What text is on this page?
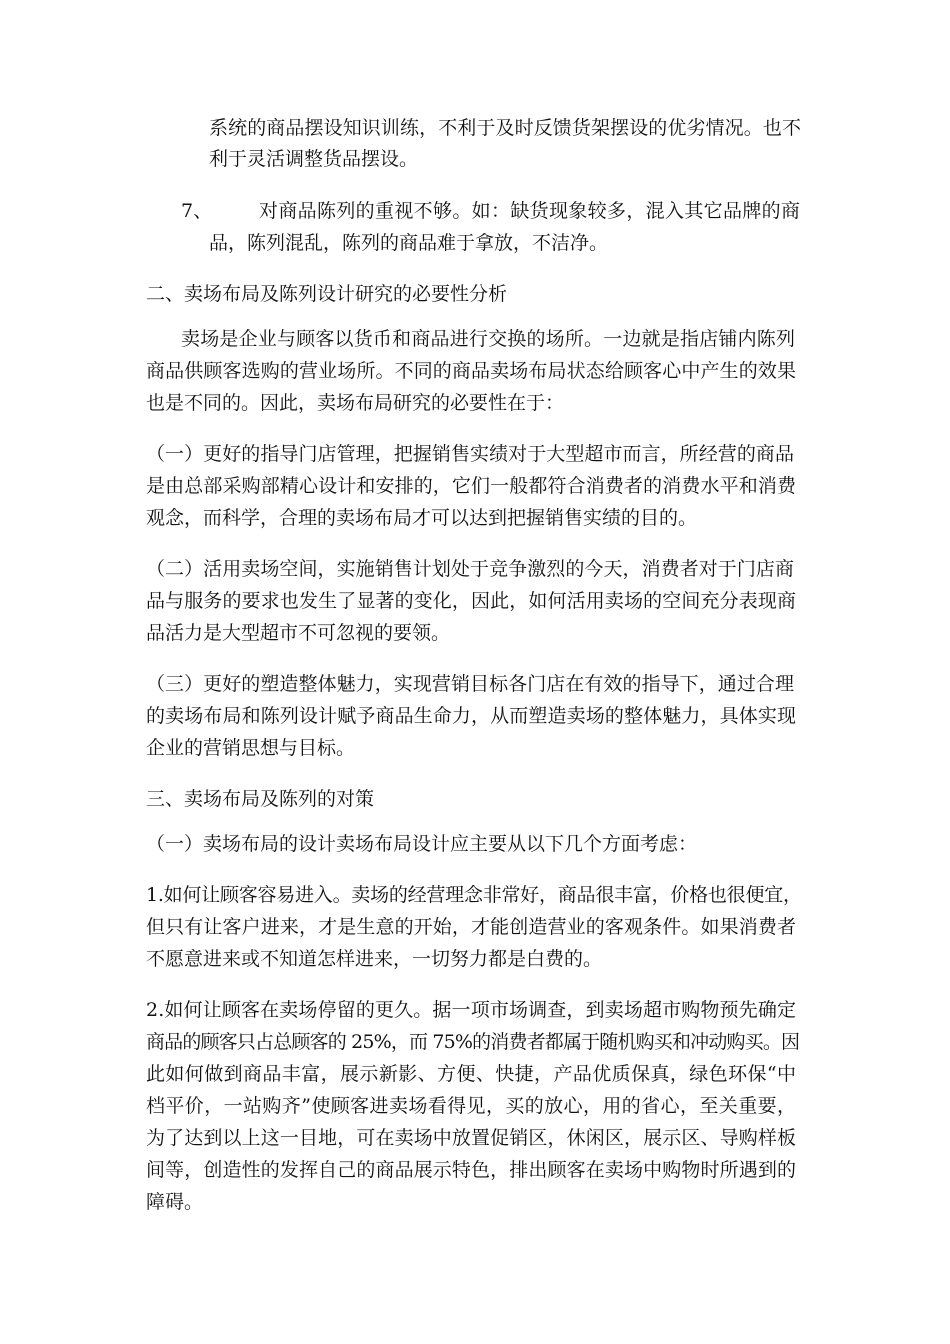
系统的商品摆设知识训练，不利于及时反馈货架摆设的优劣情况。也不

利于灵活调整货品摆设。

7、 对商品陈列的重视不够。如：缺货现象较多，混入其它品牌的商

品，陈列混乱，陈列的商品难于拿放，不洁净。

二、卖场布局及陈列设计研究的必要性分析

卖场是企业与顾客以货币和商品进行交换的场所。一边就是指店铺内陈列

商品供顾客选购的营业场所。不同的商品卖场布局状态给顾客心中产生的效果

也是不同的。因此，卖场布局研究的必要性在于：

（一）更好的指导门店管理，把握销售实绩对于大型超市而言，所经营的商品

是由总部采购部精心设计和安排的，它们一般都符合消费者的消费水平和消费

观念，而科学，合理的卖场布局才可以达到把握销售实绩的目的。

（二）活用卖场空间，实施销售计划处于竞争激烈的今天，消费者对于门店商

品与服务的要求也发生了显著的变化，因此，如何活用卖场的空间充分表现商

品活力是大型超市不可忽视的要领。

（三）更好的塑造整体魅力，实现营销目标各门店在有效的指导下，通过合理

的卖场布局和陈列设计赋予商品生命力，从而塑造卖场的整体魅力，具体实现

企业的营销思想与目标。

三、卖场布局及陈列的对策

（一）卖场布局的设计卖场布局设计应主要从以下几个方面考虑：

1.如何让顾客容易进入。卖场的经营理念非常好，商品很丰富，价格也很便宜，

但只有让客户进来，才是生意的开始，才能创造营业的客观条件。如果消费者

不愿意进来或不知道怎样进来，一切努力都是白费的。

2.如何让顾客在卖场停留的更久。据一项市场调查，到卖场超市购物预先确定

商品的顾客只占总顾客的 25%，而 75%的消费者都属于随机购买和冲动购买。因

此如何做到商品丰富，展示新影、方便、快捷，产品优质保真，绿色环保“中

档平价，一站购齐”使顾客进卖场看得见，买的放心，用的省心，至关重要，

为了达到以上这一目地，可在卖场中放置促销区，休闲区，展示区、导购样板

间等，创造性的发挥自己的商品展示特色，排出顾客在卖场中购物时所遇到的

障碍。
